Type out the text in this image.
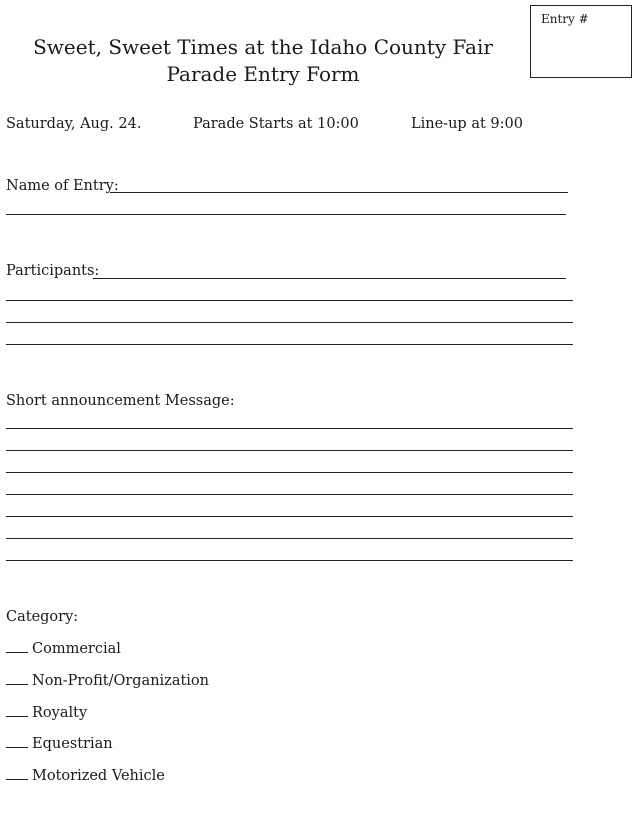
Entry #
Sweet, Sweet Times at the Idaho County Fair
Parade Entry Form
Saturday, Aug. 24.	Parade Starts at 10:00	Line-up at 9:00
Name of Entry:
Participants:
Short announcement Message:
Category:
Commercial
Non-Profit/Organization
Royalty
Equestrian
Motorized Vehicle
